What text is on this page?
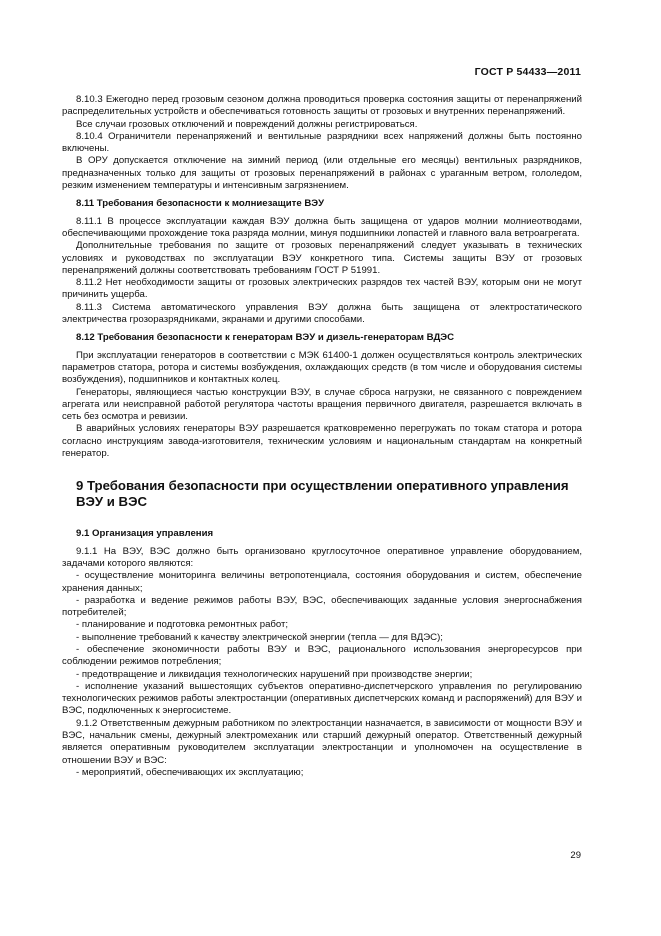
ГОСТ Р 54433—2011

8.10.3 Ежегодно перед грозовым сезоном должна проводиться проверка состояния защиты от перенапряжений распределительных устройств и обеспечиваться готовность защиты от грозовых и внутренних перенапряжений.

Все случаи грозовых отключений и повреждений должны регистрироваться.

8.10.4 Ограничители перенапряжений и вентильные разрядники всех напряжений должны быть постоянно включены.

В ОРУ допускается отключение на зимний период (или отдельные его месяцы) вентильных разрядников, предназначенных только для защиты от грозовых перенапряжений в районах с ураганным ветром, гололедом, резким изменением температуры и интенсивным загрязнением.

8.11 Требования безопасности к молниезащите ВЭУ

8.11.1 В процессе эксплуатации каждая ВЭУ должна быть защищена от ударов молнии молниеотводами, обеспечивающими прохождение тока разряда молнии, минуя подшипники лопастей и главного вала ветроагрегата.

Дополнительные требования по защите от грозовых перенапряжений следует указывать в технических условиях и руководствах по эксплуатации ВЭУ конкретного типа. Системы защиты ВЭУ от грозовых перенапряжений должны соответствовать требованиям ГОСТ Р 51991.

8.11.2 Нет необходимости защиты от грозовых электрических разрядов тех частей ВЭУ, которым они не могут причинить ущерба.

8.11.3 Система автоматического управления ВЭУ должна быть защищена от электростатического электричества грозоразрядниками, экранами и другими способами.

8.12 Требования безопасности к генераторам ВЭУ и дизель-генераторам ВДЭС

При эксплуатации генераторов в соответствии с МЭК 61400-1 должен осуществляться контроль электрических параметров статора, ротора и системы возбуждения, охлаждающих средств (в том числе и оборудования системы возбуждения), подшипников и контактных колец.

Генераторы, являющиеся частью конструкции ВЭУ, в случае сброса нагрузки, не связанного с повреждением агрегата или неисправной работой регулятора частоты вращения первичного двигателя, разрешается включать в сеть без осмотра и ревизии.

В аварийных условиях генераторы ВЭУ разрешается кратковременно перегружать по токам статора и ротора согласно инструкциям завода-изготовителя, техническим условиям и национальным стандартам на конкретный генератор.

9 Требования безопасности при осуществлении оперативного управления ВЭУ и ВЭС

9.1 Организация управления

9.1.1 На ВЭУ, ВЭС должно быть организовано круглосуточное оперативное управление оборудованием, задачами которого являются:

- осуществление мониторинга величины ветропотенциала, состояния оборудования и систем, обеспечение хранения данных;

- разработка и ведение режимов работы ВЭУ, ВЭС, обеспечивающих заданные условия энергоснабжения потребителей;

- планирование и подготовка ремонтных работ;

- выполнение требований к качеству электрической энергии (тепла — для ВДЭС);

- обеспечение экономичности работы ВЭУ и ВЭС, рационального использования энергоресурсов при соблюдении режимов потребления;

- предотвращение и ликвидация технологических нарушений при производстве энергии;

- исполнение указаний вышестоящих субъектов оперативно-диспетчерского управления по регулированию технологических режимов работы электростанции (оперативных диспетчерских команд и распоряжений) для ВЭУ и ВЭС, подключенных к энергосистеме.

9.1.2 Ответственным дежурным работником по электростанции назначается, в зависимости от мощности ВЭУ и ВЭС, начальник смены, дежурный электромеханик или старший дежурный оператор. Ответственный дежурный является оперативным руководителем эксплуатации электростанции и уполномочен на осуществление в отношении ВЭУ и ВЭС:

- мероприятий, обеспечивающих их эксплуатацию;

29
